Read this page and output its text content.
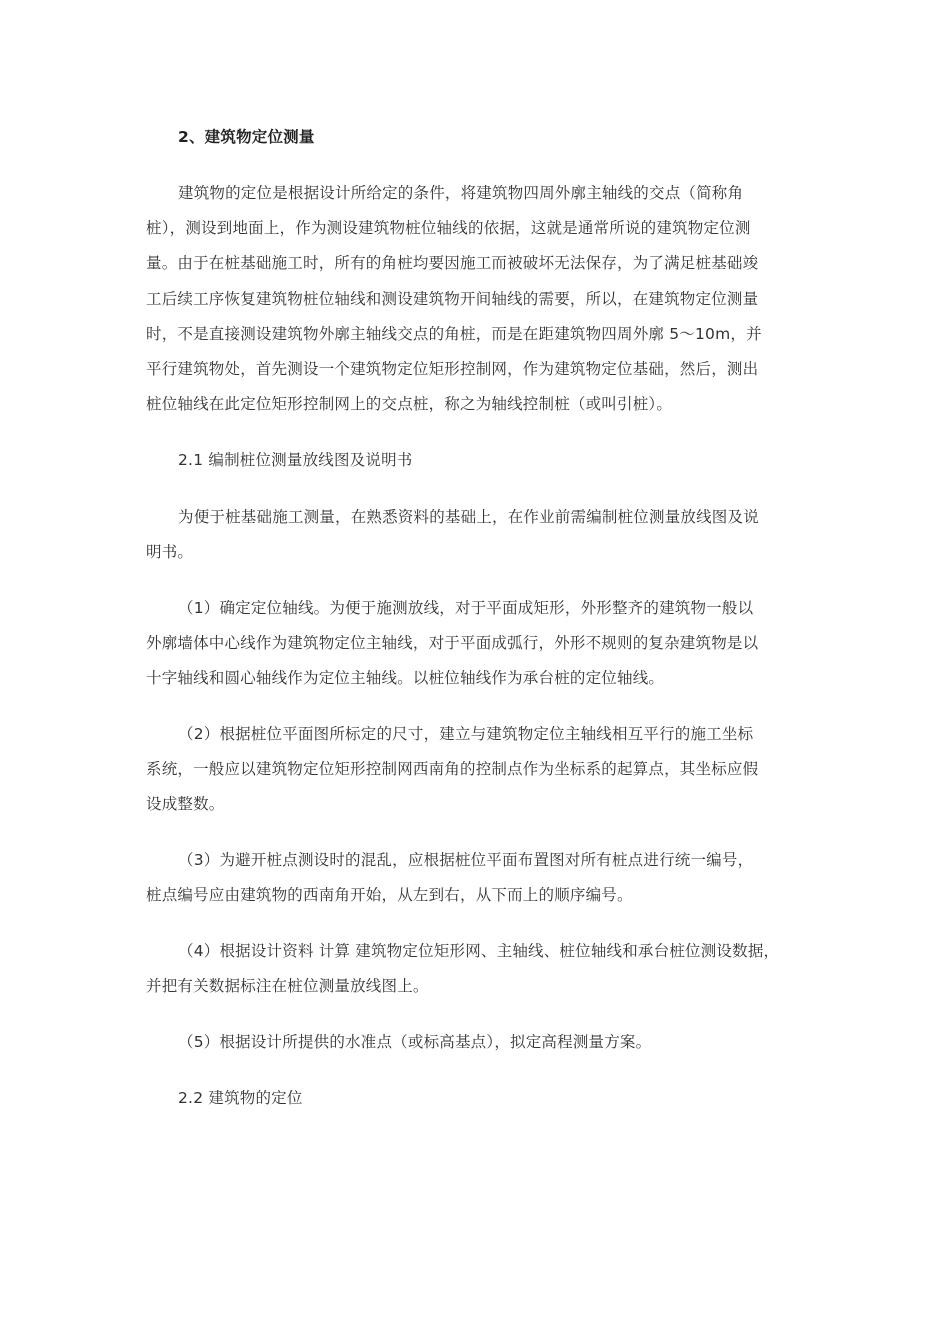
2、建筑物定位测量
建筑物的定位是根据设计所给定的条件，将建筑物四周外廓主轴线的交点（简称角
桩），测设到地面上，作为测设建筑物桩位轴线的依据，这就是通常所说的建筑物定位测
量。由于在桩基础施工时，所有的角桩均要因施工而被破坏无法保存，为了满足桩基础竣
工后续工序恢复建筑物桩位轴线和测设建筑物开间轴线的需要，所以，在建筑物定位测量
时，不是直接测设建筑物外廓主轴线交点的角桩，而是在距建筑物四周外廓 5～10m，并
平行建筑物处，首先测设一个建筑物定位矩形控制网，作为建筑物定位基础，然后，测出
桩位轴线在此定位矩形控制网上的交点桩，称之为轴线控制桩（或叫引桩）。
2.1 编制桩位测量放线图及说明书
为便于桩基础施工测量，在熟悉资料的基础上，在作业前需编制桩位测量放线图及说
明书。
（1）确定定位轴线。为便于施测放线，对于平面成矩形，外形整齐的建筑物一般以
外廓墙体中心线作为建筑物定位主轴线，对于平面成弧行，外形不规则的复杂建筑物是以
十字轴线和圆心轴线作为定位主轴线。以桩位轴线作为承台桩的定位轴线。
（2）根据桩位平面图所标定的尺寸，建立与建筑物定位主轴线相互平行的施工坐标
系统，一般应以建筑物定位矩形控制网西南角的控制点作为坐标系的起算点，其坐标应假
设成整数。
（3）为避开桩点测设时的混乱，应根据桩位平面布置图对所有桩点进行统一编号，
桩点编号应由建筑物的西南角开始，从左到右，从下而上的顺序编号。
（4）根据设计资料 计算 建筑物定位矩形网、主轴线、桩位轴线和承台桩位测设数据，
并把有关数据标注在桩位测量放线图上。
（5）根据设计所提供的水准点（或标高基点），拟定高程测量方案。
2.2 建筑物的定位
